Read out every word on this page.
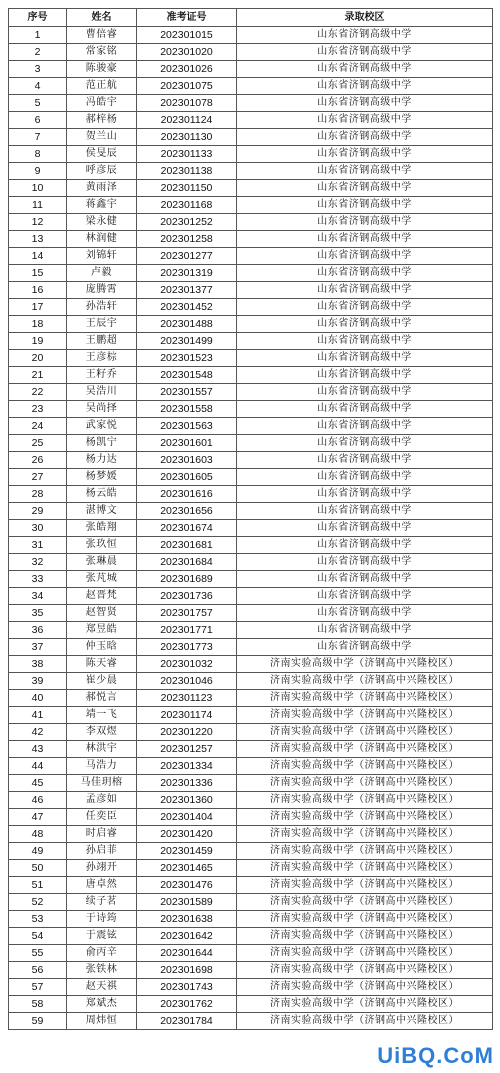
序号	姓名	准考证号	录取校区
1	曹倍睿	202301015	山东省济钢高级中学
2	常家铭	202301020	山东省济钢高级中学
3	陈骏豪	202301026	山东省济钢高级中学
4	范正航	202301075	山东省济钢高级中学
5	冯皓宇	202301078	山东省济钢高级中学
6	郝梓杨	202301124	山东省济钢高级中学
7	贺兰山	202301130	山东省济钢高级中学
8	侯旻辰	202301133	山东省济钢高级中学
9	呼彦辰	202301138	山东省济钢高级中学
10	黄雨泽	202301150	山东省济钢高级中学
11	蒋鑫宇	202301168	山东省济钢高级中学
12	梁永健	202301252	山东省济钢高级中学
13	林润健	202301258	山东省济钢高级中学
14	刘锦轩	202301277	山东省济钢高级中学
15	卢毅	202301319	山东省济钢高级中学
16	庞腾霄	202301377	山东省济钢高级中学
17	孙浩轩	202301452	山东省济钢高级中学
18	王辰宇	202301488	山东省济钢高级中学
19	王鹏超	202301499	山东省济钢高级中学
20	王彦棕	202301523	山东省济钢高级中学
21	王籽乔	202301548	山东省济钢高级中学
22	吴浩川	202301557	山东省济钢高级中学
23	吴尚择	202301558	山东省济钢高级中学
24	武家悦	202301563	山东省济钢高级中学
25	杨凯宁	202301601	山东省济钢高级中学
26	杨力达	202301603	山东省济钢高级中学
27	杨梦媛	202301605	山东省济钢高级中学
28	杨云皓	202301616	山东省济钢高级中学
29	湛博文	202301656	山东省济钢高级中学
30	张皓翔	202301674	山东省济钢高级中学
31	张玖恒	202301681	山东省济钢高级中学
32	张琳晨	202301684	山东省济钢高级中学
33	张芃城	202301689	山东省济钢高级中学
34	赵晋梵	202301736	山东省济钢高级中学
35	赵智贤	202301757	山东省济钢高级中学
36	郑昱皓	202301771	山东省济钢高级中学
37	仲玉晗	202301773	山东省济钢高级中学
38	陈天睿	202301032	济南实验高级中学（济钢高中兴隆校区）
39	崔少晨	202301046	济南实验高级中学（济钢高中兴隆校区）
40	郝悦言	202301123	济南实验高级中学（济钢高中兴隆校区）
41	靖一飞	202301174	济南实验高级中学（济钢高中兴隆校区）
42	李双煜	202301220	济南实验高级中学（济钢高中兴隆校区）
43	林洪宇	202301257	济南实验高级中学（济钢高中兴隆校区）
44	马浩力	202301334	济南实验高级中学（济钢高中兴隆校区）
45	马佳玥榕	202301336	济南实验高级中学（济钢高中兴隆校区）
46	孟彦如	202301360	济南实验高级中学（济钢高中兴隆校区）
47	任奕臣	202301404	济南实验高级中学（济钢高中兴隆校区）
48	时启睿	202301420	济南实验高级中学（济钢高中兴隆校区）
49	孙启菲	202301459	济南实验高级中学（济钢高中兴隆校区）
50	孙翊开	202301465	济南实验高级中学（济钢高中兴隆校区）
51	唐卓然	202301476	济南实验高级中学（济钢高中兴隆校区）
52	续子茗	202301589	济南实验高级中学（济钢高中兴隆校区）
53	于诗筠	202301638	济南实验高级中学（济钢高中兴隆校区）
54	于震铉	202301642	济南实验高级中学（济钢高中兴隆校区）
55	俞丙辛	202301644	济南实验高级中学（济钢高中兴隆校区）
56	张铁林	202301698	济南实验高级中学（济钢高中兴隆校区）
57	赵天祺	202301743	济南实验高级中学（济钢高中兴隆校区）
58	郑斌杰	202301762	济南实验高级中学（济钢高中兴隆校区）
59	周炜恒	202301784	济南实验高级中学（济钢高中兴隆校区）
UiBQ.CoM
